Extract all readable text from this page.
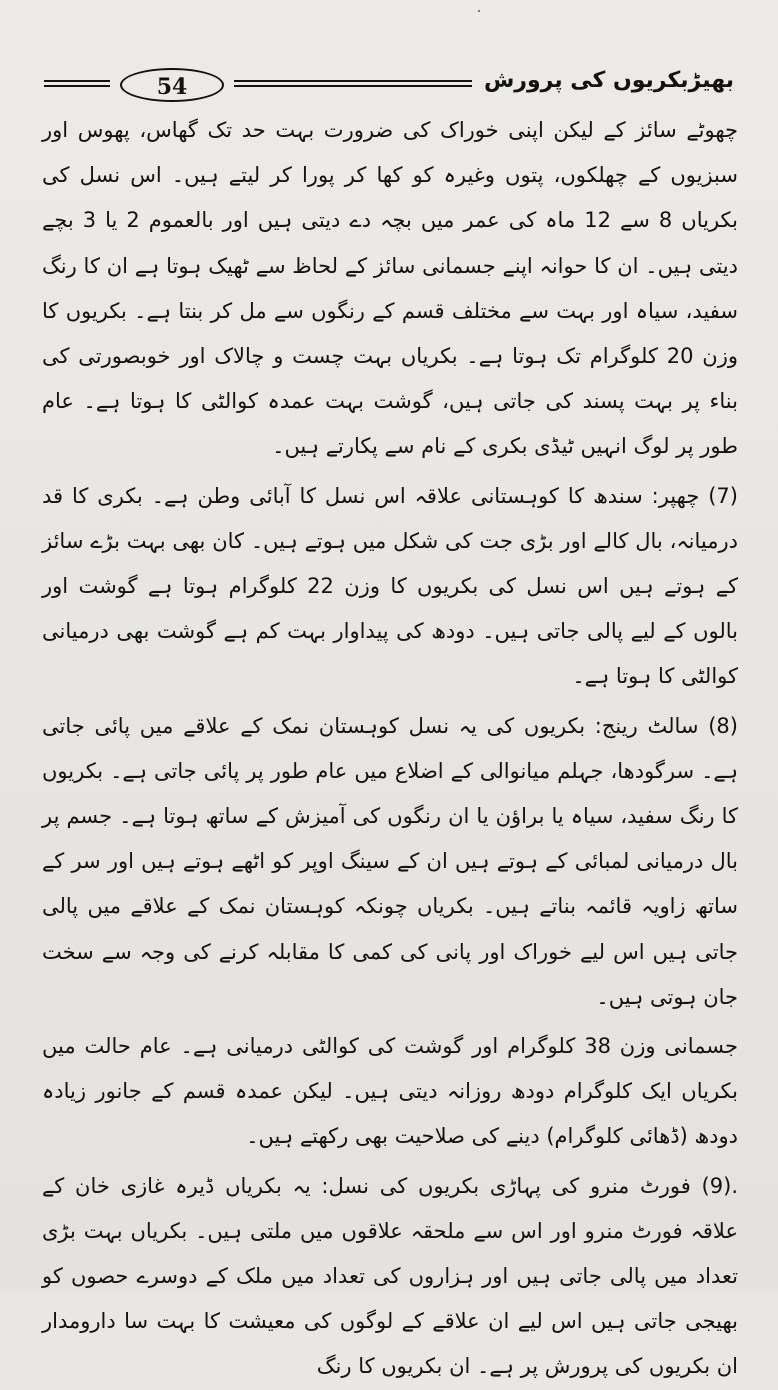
54	بھیڑبکریوں کی پرورش

چھوٹے سائز کے لیکن اپنی خوراک کی ضرورت بہت حد تک گھاس، پھوس اور سبزیوں کے چھلکوں، پتوں وغیرہ کو کھا کر پورا کر لیتے ہیں۔ اس نسل کی بکریاں 8 سے 12 ماہ کی عمر میں بچہ دے دیتی ہیں اور بالعموم 2 یا 3 بچے دیتی ہیں۔ ان کا حوانہ اپنے جسمانی سائز کے لحاظ سے ٹھیک ہوتا ہے ان کا رنگ سفید، سیاہ اور بہت سے مختلف قسم کے رنگوں سے مل کر بنتا ہے۔ بکریوں کا وزن 20 کلوگرام تک ہوتا ہے۔ بکریاں بہت چست و چالاک اور خوبصورتی کی بناء پر بہت پسند کی جاتی ہیں، گوشت بہت عمدہ کوالٹی کا ہوتا ہے۔ عام طور پر لوگ انہیں ٹیڈی بکری کے نام سے پکارتے ہیں۔

(7) چھپر: سندھ کا کوہستانی علاقہ اس نسل کا آبائی وطن ہے۔ بکری کا قد درمیانہ، بال کالے اور بڑی جت کی شکل میں ہوتے ہیں۔ کان بھی بہت بڑے سائز کے ہوتے ہیں اس نسل کی بکریوں کا وزن 22 کلوگرام ہوتا ہے گوشت اور بالوں کے لیے پالی جاتی ہیں۔ دودھ کی پیداوار بہت کم ہے گوشت بھی درمیانی کوالٹی کا ہوتا ہے۔

(8) سالٹ رینج: بکریوں کی یہ نسل کوہستان نمک کے علاقے میں پائی جاتی ہے۔ سرگودھا، جہلم میانوالی کے اضلاع میں عام طور پر پائی جاتی ہے۔ بکریوں کا رنگ سفید، سیاہ یا براؤن یا ان رنگوں کی آمیزش کے ساتھ ہوتا ہے۔ جسم پر بال درمیانی لمبائی کے ہوتے ہیں ان کے سینگ اوپر کو اٹھے ہوتے ہیں اور سر کے ساتھ زاویہ قائمہ بناتے ہیں۔ بکریاں چونکہ کوہستان نمک کے علاقے میں پالی جاتی ہیں اس لیے خوراک اور پانی کی کمی کا مقابلہ کرنے کی وجہ سے سخت جان ہوتی ہیں۔

جسمانی وزن 38 کلوگرام اور گوشت کی کوالٹی درمیانی ہے۔ عام حالت میں بکریاں ایک کلوگرام دودھ روزانہ دیتی ہیں۔ لیکن عمدہ قسم کے جانور زیادہ دودھ (ڈھائی کلوگرام) دینے کی صلاحیت بھی رکھتے ہیں۔

.(9) فورٹ منرو کی پہاڑی بکریوں کی نسل: یہ بکریاں ڈیرہ غازی خان کے علاقہ فورٹ منرو اور اس سے ملحقہ علاقوں میں ملتی ہیں۔ بکریاں بہت بڑی تعداد میں پالی جاتی ہیں اور ہزاروں کی تعداد میں ملک کے دوسرے حصوں کو بھیجی جاتی ہیں اس لیے ان علاقے کے لوگوں کی معیشت کا بہت سا دارومدار ان بکریوں کی پرورش پر ہے۔ ان بکریوں کا رنگ
